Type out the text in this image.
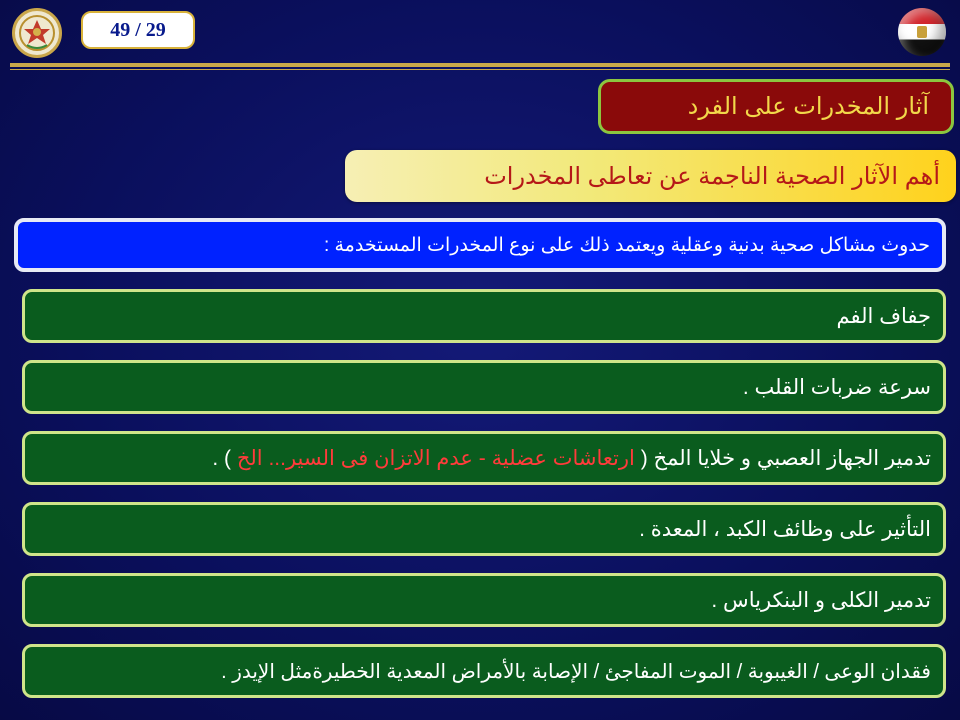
49 / 29
آثار المخدرات على الفرد
أهم الآثار الصحية الناجمة عن تعاطى المخدرات
حدوث مشاكل صحية بدنية وعقلية ويعتمد ذلك على نوع المخدرات المستخدمة :
جفاف الفم
سرعة ضربات القلب .
تدمير الجهاز العصبي و خلايا المخ ( ارتعاشات عضلية - عدم الاتزان فى السير... الخ ) .
التأثير على وظائف الكبد ، المعدة .
تدمير الكلى و البنكرياس .
فقدان الوعى / الغيبوبة / الموت المفاجئ / الإصابة بالأمراض المعدية الخطيرةمثل الإيدز .
